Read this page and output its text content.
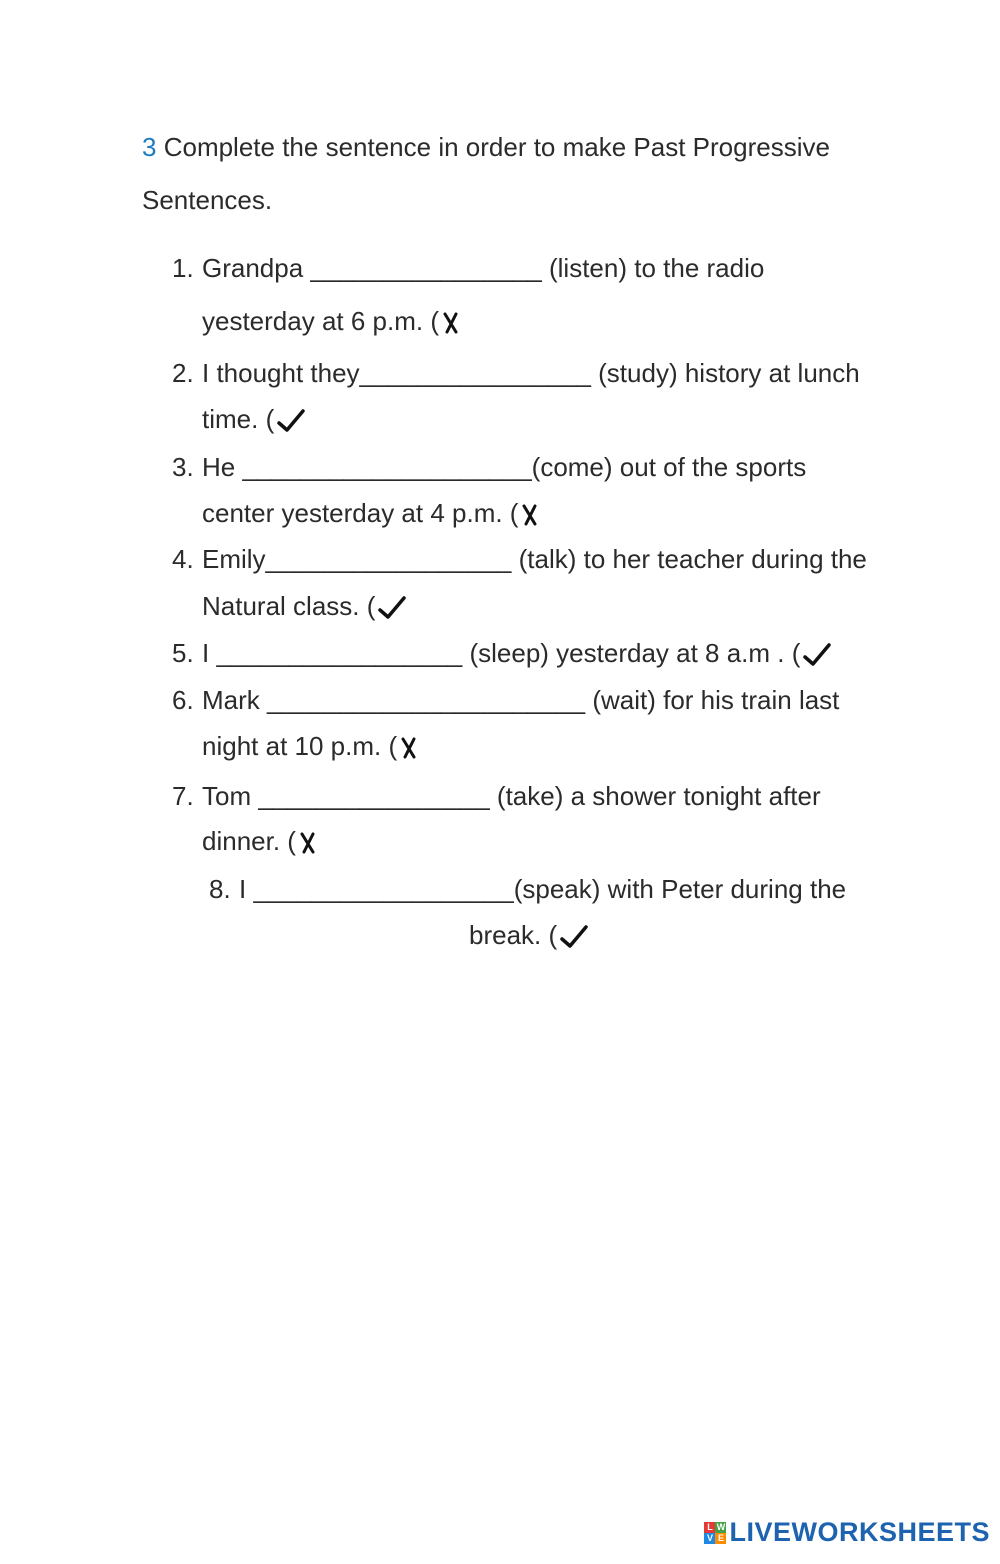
3 Complete the sentence in order to make Past Progressive Sentences.
1. Grandpa ________________ (listen) to the radio
yesterday at 6 p.m. (
2. I thought they________________ (study) history at lunch
time. (
3. He ____________________(come) out of the sports
center yesterday at 4 p.m. (
4. Emily_________________ (talk) to her teacher during the
Natural class. (
5. I _________________ (sleep) yesterday at 8 a.m . (
6. Mark ______________________ (wait) for his train last
night at 10 p.m. (
7. Tom ________________ (take) a shower tonight after
dinner. (
8. I __________________(speak) with Peter during the
break. (
L W
V E LIVEWORKSHEETS
